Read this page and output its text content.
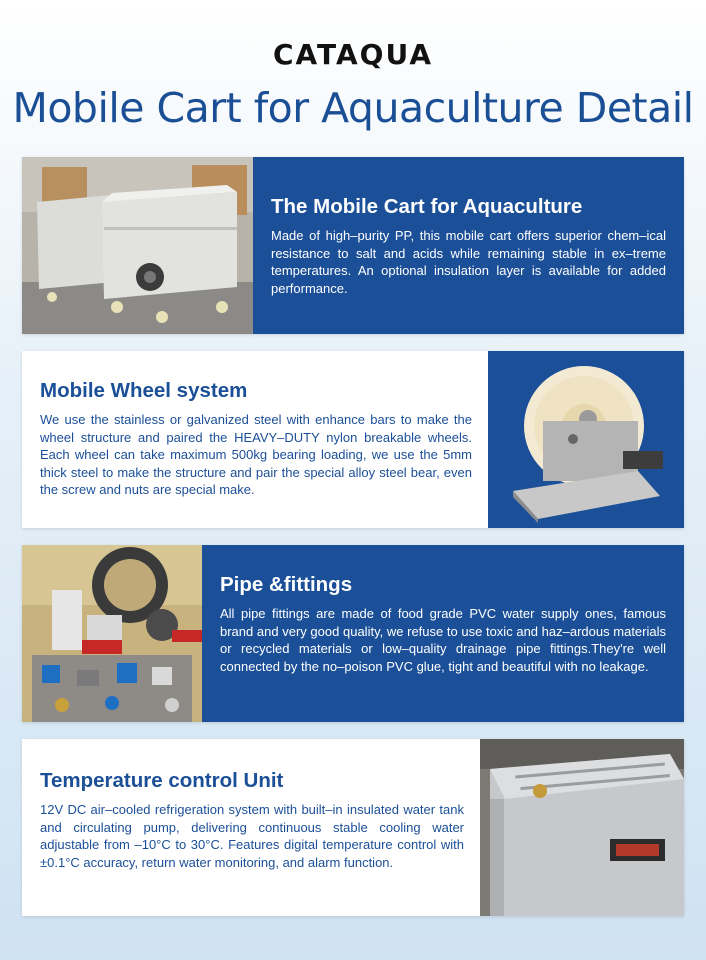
CATAQUA
Mobile Cart for Aquaculture Detail
The Mobile Cart for Aquaculture

Made of high–purity PP, this mobile cart offers superior chem–ical resistance to salt and acids while remaining stable in ex–treme temperatures. An optional insulation layer is available for added performance.

Mobile Wheel system

We use the stainless or galvanized steel with enhance bars to make the wheel structure and paired the HEAVY–DUTY nylon breakable wheels. Each wheel can take maximum 500kg bearing loading, we use the 5mm thick steel to make the structure and pair the special alloy steel bear, even the screw and nuts are special make.

Pipe &fittings

All pipe fittings are made of food grade PVC water supply ones, famous brand and very good quality, we refuse to use toxic and haz–ardous materials or recycled materials or low–quality drainage pipe fittings.They're well connected by the no–poison PVC glue, tight and beautiful with no leakage.

Temperature control Unit

12V DC air–cooled refrigeration system with built–in insulated water tank and circulating pump, delivering continuous stable cooling water adjustable from –10°C to 30°C. Features digital temperature control with ±0.1°C accuracy, return water monitoring, and alarm function.
